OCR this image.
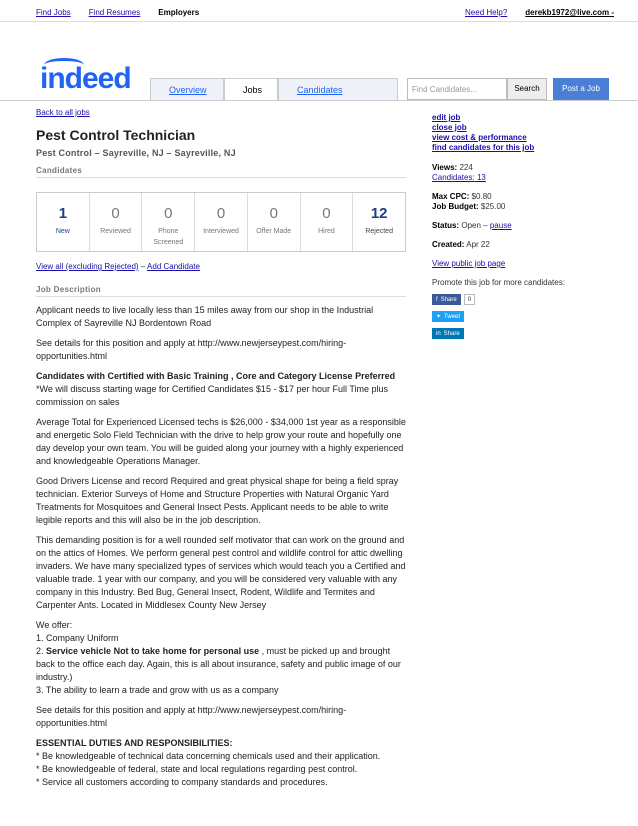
Find Jobs Find Resumes Employers	Need Help? derekb1972@live.com -
indeed	Overview	Jobs	Candidates	Find Candidates...	Search	Post a Job
Back to all jobs
Pest Control Technician
Pest Control – Sayreville, NJ – Sayreville, NJ
Candidates
1
New
0
Reviewed
0
Phone Screened
0
Interviewed
0
Offer Made
0
Hired
12
Rejected
View all (excluding Rejected) – Add Candidate
Job Description

Applicant needs to live locally less than 15 miles away from our shop in the Industrial Complex of Sayreville NJ Bordentown Road

See details for this position and apply at http://www.newjerseypest.com/hiring-opportunities.html

Candidates with Certified with Basic Training , Core and Category License Preferred
*We will discuss starting wage for Certified Candidates $15 - $17 per hour Full Time plus commission on sales

Average Total for Experienced Licensed techs is $26,000 - $34,000 1st year as a responsible and energetic Solo Field Technician with the drive to help grow your route and hopefully one day develop your own team. You will be guided along your journey with a highly experienced and knowledgeable Operations Manager.

Good Drivers License and record Required and great physical shape for being a field spray technician. Exterior Surveys of Home and Structure Properties with Natural Organic Yard Treatments for Mosquitoes and General Insect Pests. Applicant needs to be able to write legible reports and this will also be in the job description.

This demanding position is for a well rounded self motivator that can work on the ground and on the attics of Homes. We perform general pest control and wildlife control for attic dwelling invaders. We have many specialized types of services which would teach you a Certified and valuable trade. 1 year with our company, and you will be considered very valuable with any company in this Industry. Bed Bug, General Insect, Rodent, Wildlife and Termites and Carpenter Ants. Located in Middlesex County New Jersey

We offer:
1. Company Uniform
2. Service vehicle Not to take home for personal use , must be picked up and brought back to the office each day. Again, this is all about insurance, safety and public image of our industry.)
3. The ability to learn a trade and grow with us as a company

See details for this position and apply at http://www.newjerseypest.com/hiring-opportunities.html

ESSENTIAL DUTIES AND RESPONSIBILITIES:
* Be knowledgeable of technical data concerning chemicals used and their application.
* Be knowledgeable of federal, state and local regulations regarding pest control.
* Service all customers according to company standards and procedures.

edit job
close job
view cost & performance
find candidates for this job
Views: 224
Candidates: 13
Max CPC: $0.80
Job Budget: $25.00
Status: Open – pause
Created: Apr 22
View public job page
Promote this job for more candidates:
f Share	0
✦ Tweet
in Share
